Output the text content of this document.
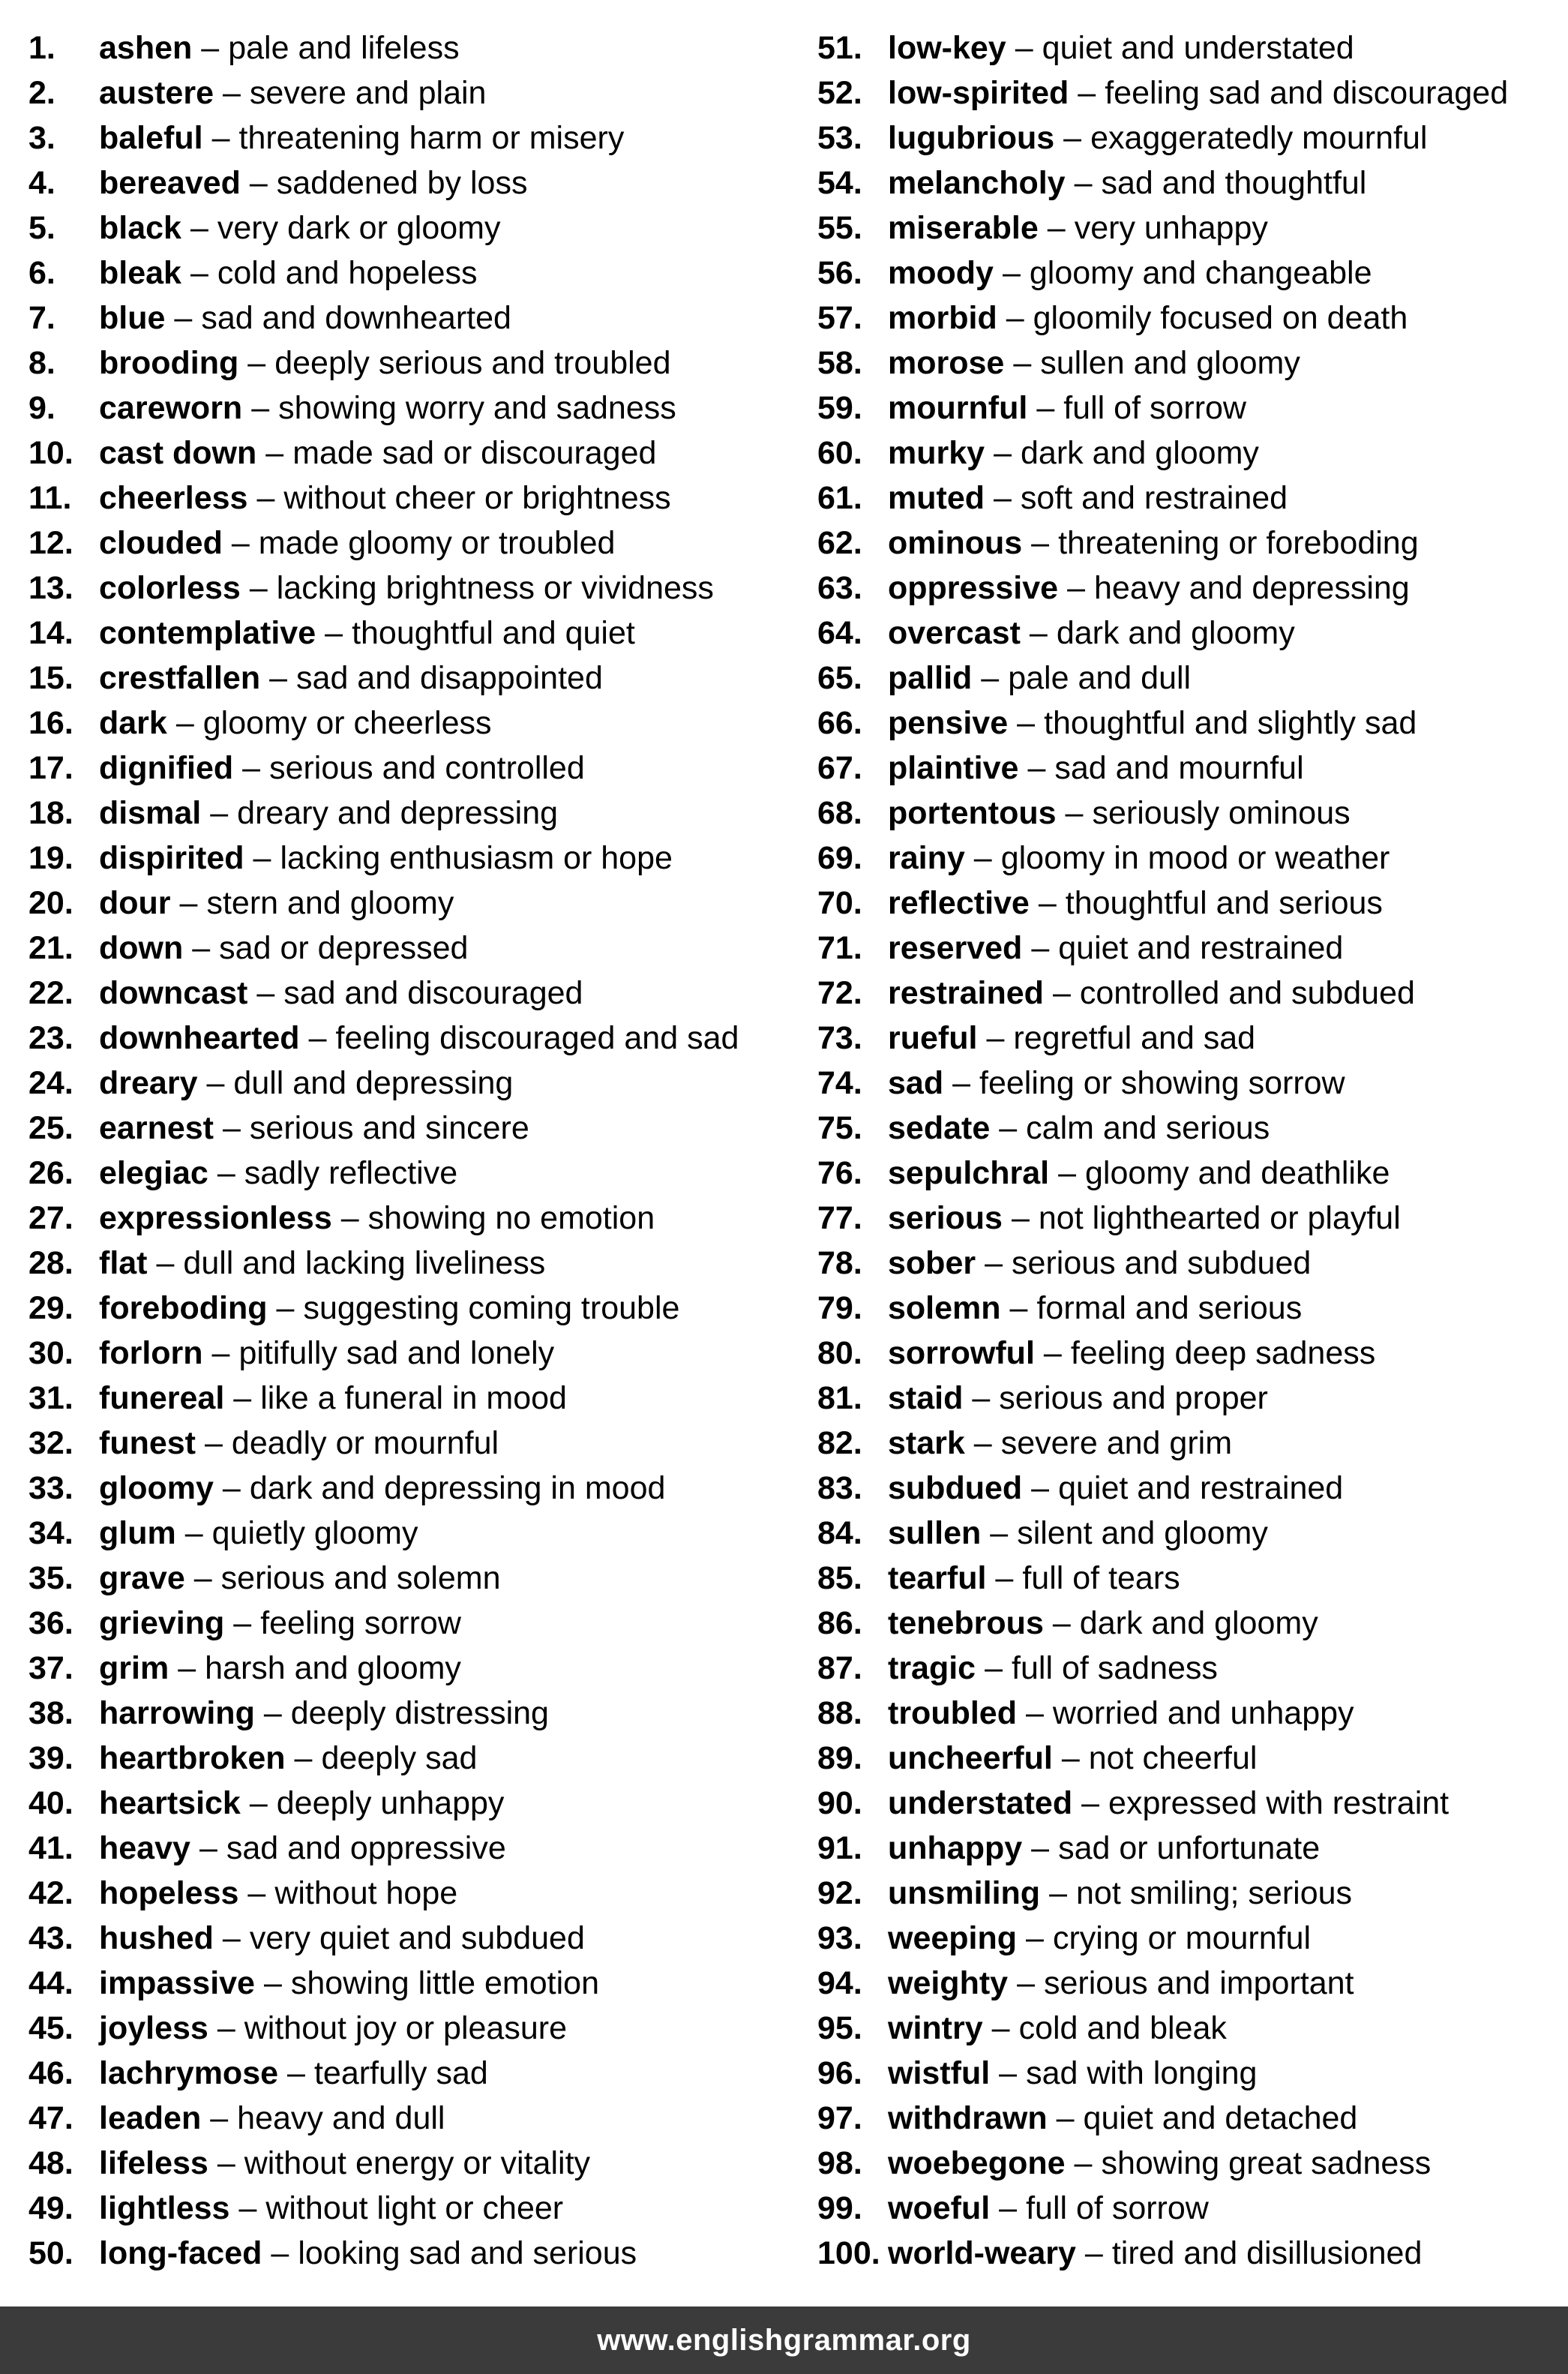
1.	ashen – pale and lifeless
2.	austere – severe and plain
3.	baleful – threatening harm or misery
4.	bereaved – saddened by loss
5.	black – very dark or gloomy
6.	bleak – cold and hopeless
7.	blue – sad and downhearted
8.	brooding – deeply serious and troubled
9.	careworn – showing worry and sadness
10. cast down – made sad or discouraged
11. cheerless – without cheer or brightness
12. clouded – made gloomy or troubled
13. colorless – lacking brightness or vividness
14. contemplative – thoughtful and quiet
15. crestfallen – sad and disappointed
16. dark – gloomy or cheerless
17. dignified – serious and controlled
18. dismal – dreary and depressing
19. dispirited – lacking enthusiasm or hope
20. dour – stern and gloomy
21. down – sad or depressed
22. downcast – sad and discouraged
23. downhearted – feeling discouraged and sad
24. dreary – dull and depressing
25. earnest – serious and sincere
26. elegiac – sadly reflective
27. expressionless – showing no emotion
28. flat – dull and lacking liveliness
29. foreboding – suggesting coming trouble
30. forlorn – pitifully sad and lonely
31. funereal – like a funeral in mood
32. funest – deadly or mournful
33. gloomy – dark and depressing in mood
34. glum – quietly gloomy
35. grave – serious and solemn
36. grieving – feeling sorrow
37. grim – harsh and gloomy
38. harrowing – deeply distressing
39. heartbroken – deeply sad
40. heartsick – deeply unhappy
41. heavy – sad and oppressive
42. hopeless – without hope
43. hushed – very quiet and subdued
44. impassive – showing little emotion
45. joyless – without joy or pleasure
46. lachrymose – tearfully sad
47. leaden – heavy and dull
48. lifeless – without energy or vitality
49. lightless – without light or cheer
50. long-faced – looking sad and serious
51. low-key – quiet and understated
52. low-spirited – feeling sad and discouraged
53. lugubrious – exaggeratedly mournful
54. melancholy – sad and thoughtful
55. miserable – very unhappy
56. moody – gloomy and changeable
57. morbid – gloomily focused on death
58. morose – sullen and gloomy
59. mournful – full of sorrow
60. murky – dark and gloomy
61. muted – soft and restrained
62. ominous – threatening or foreboding
63. oppressive – heavy and depressing
64. overcast – dark and gloomy
65. pallid – pale and dull
66. pensive – thoughtful and slightly sad
67. plaintive – sad and mournful
68. portentous – seriously ominous
69. rainy – gloomy in mood or weather
70. reflective – thoughtful and serious
71. reserved – quiet and restrained
72. restrained – controlled and subdued
73. rueful – regretful and sad
74. sad – feeling or showing sorrow
75. sedate – calm and serious
76. sepulchral – gloomy and deathlike
77. serious – not lighthearted or playful
78. sober – serious and subdued
79. solemn – formal and serious
80. sorrowful – feeling deep sadness
81. staid – serious and proper
82. stark – severe and grim
83. subdued – quiet and restrained
84. sullen – silent and gloomy
85. tearful – full of tears
86. tenebrous – dark and gloomy
87. tragic – full of sadness
88. troubled – worried and unhappy
89. uncheerful – not cheerful
90. understated – expressed with restraint
91. unhappy – sad or unfortunate
92. unsmiling – not smiling; serious
93. weeping – crying or mournful
94. weighty – serious and important
95. wintry – cold and bleak
96. wistful – sad with longing
97. withdrawn – quiet and detached
98. woebegone – showing great sadness
99. woeful – full of sorrow
100. world-weary – tired and disillusioned
www.englishgrammar.org
